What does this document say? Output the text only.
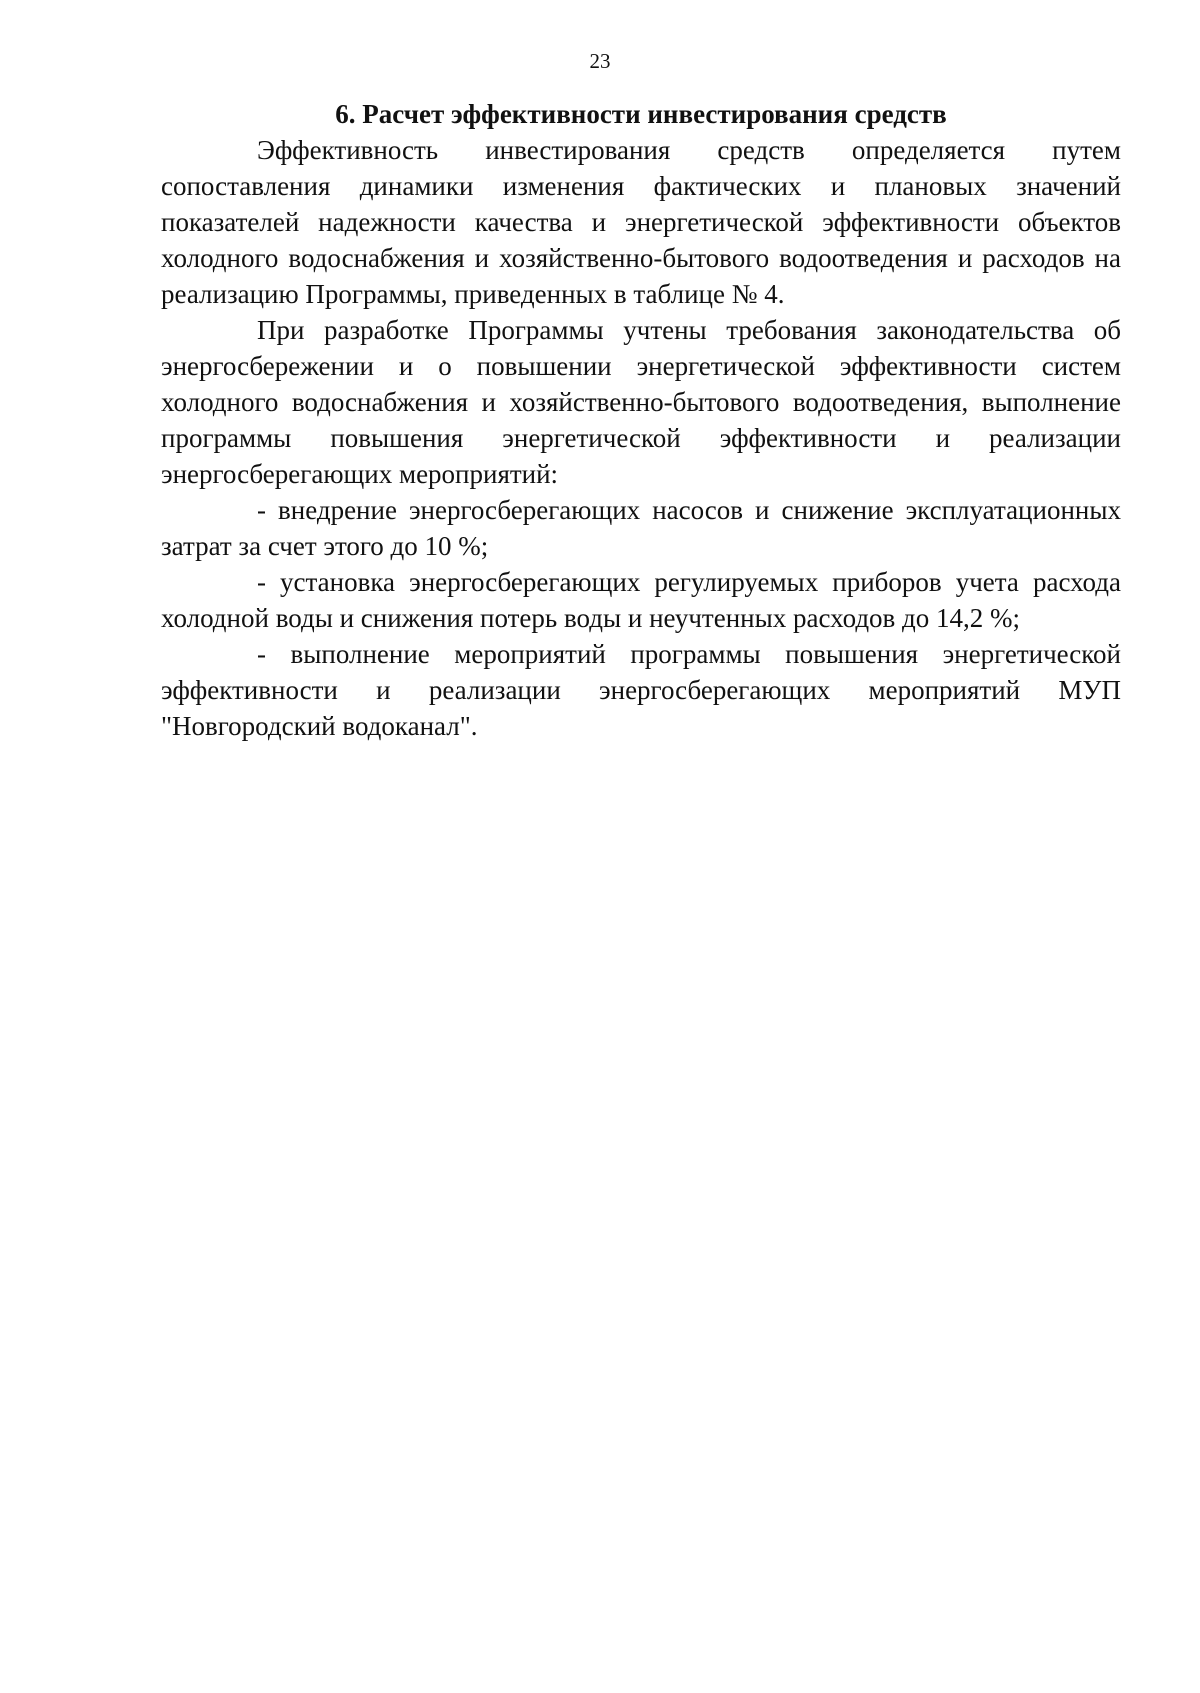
23
6. Расчет эффективности инвестирования средств

Эффективность инвестирования средств определяется путем сопоставления динамики изменения фактических и плановых значений показателей надежности качества и энергетической эффективности объектов холодного водоснабжения и хозяйственно-бытового водоотведения и расходов на реализацию Программы, приведенных в таблице № 4.

При разработке Программы учтены требования законодательства об энергосбережении и о повышении энергетической эффективности систем холодного водоснабжения и хозяйственно-бытового водоотведения, выполнение программы повышения энергетической эффективности и реализации энергосберегающих мероприятий:

- внедрение энергосберегающих насосов и снижение эксплуатационных затрат за счет этого до 10 %;

- установка энергосберегающих регулируемых приборов учета расхода холодной воды и снижения потерь воды и неучтенных расходов до 14,2 %;

- выполнение мероприятий программы повышения энергетической эффективности и реализации энергосберегающих мероприятий МУП "Новгородский водоканал".
